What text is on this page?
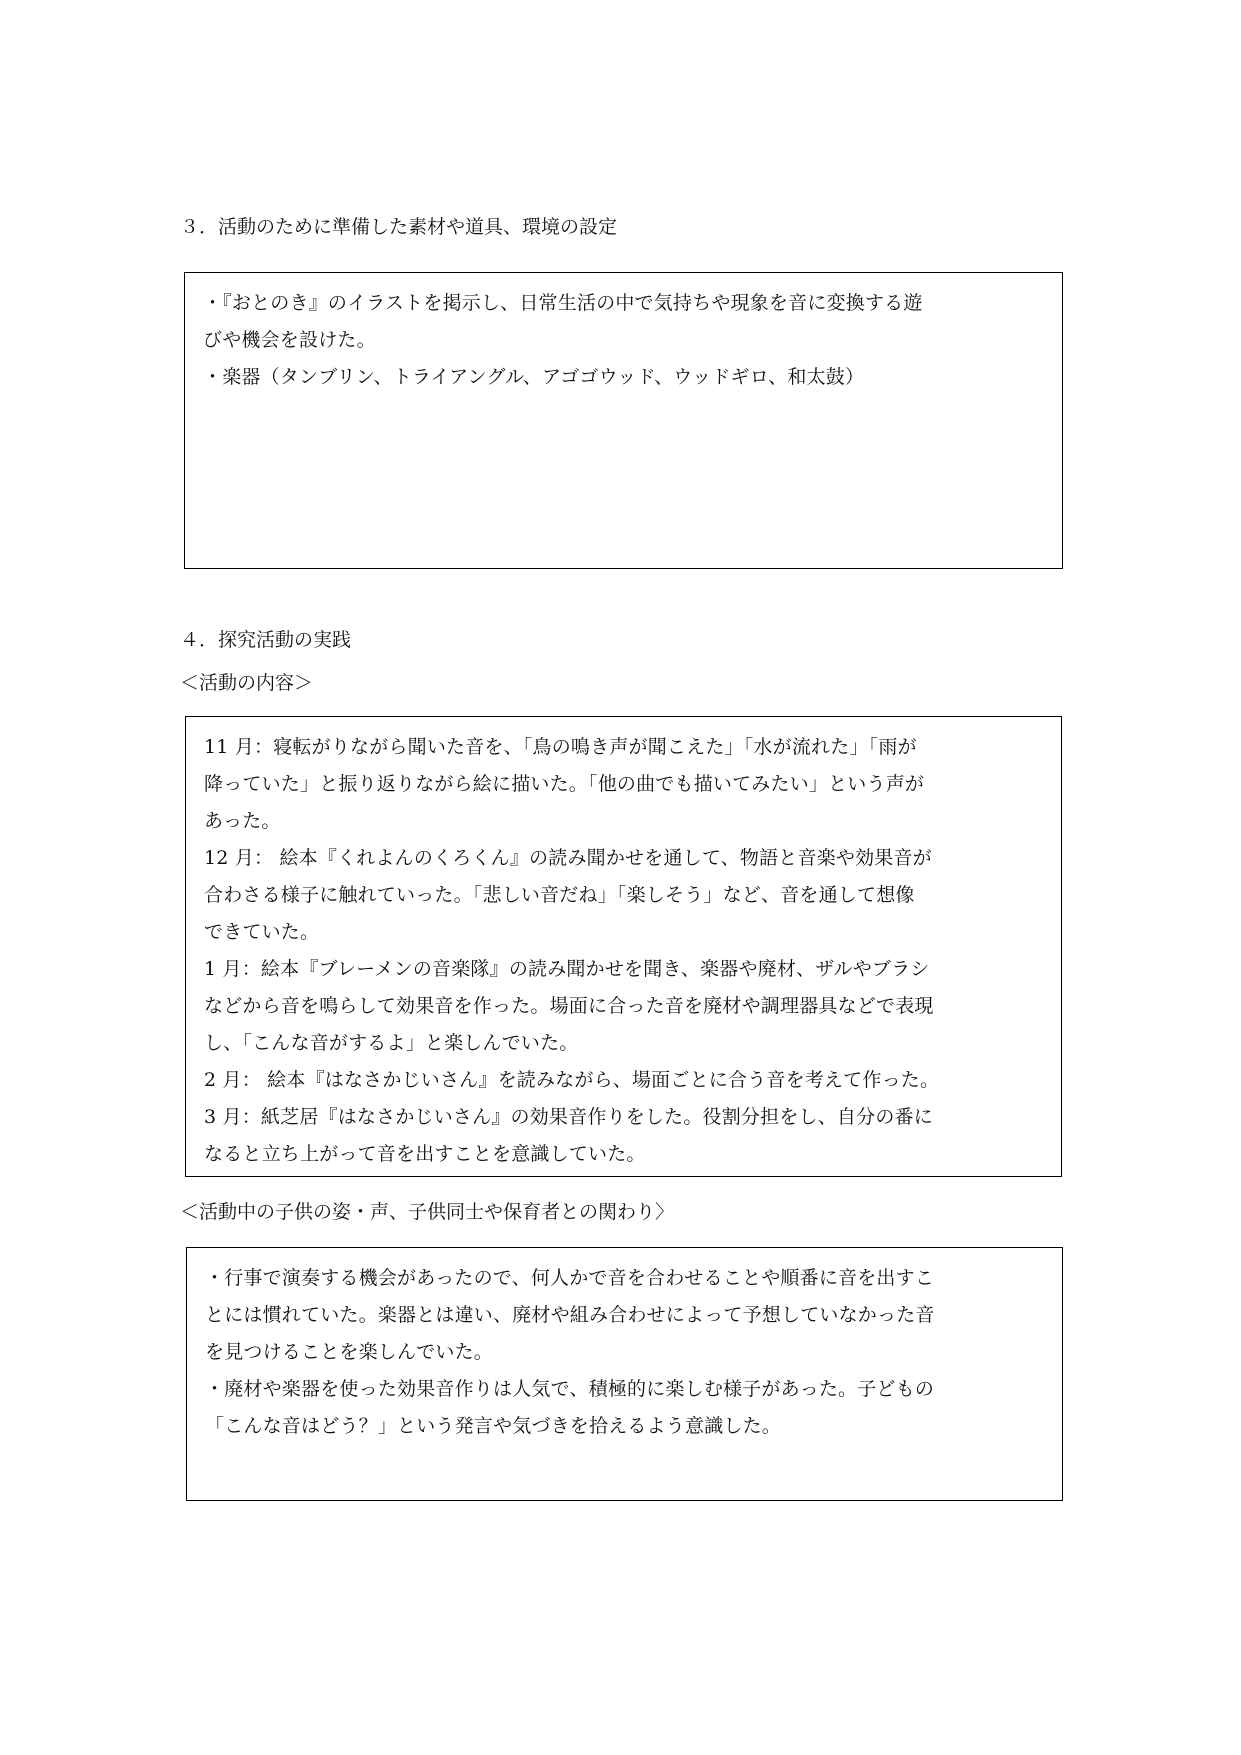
３．活動のために準備した素材や道具、環境の設定
・『おとのき』のイラストを掲示し、日常生活の中で気持ちや現象を音に変換する遊
びや機会を設けた。
・楽器（タンブリン、トライアングル、アゴゴウッド、ウッドギロ、和太鼓）
４．探究活動の実践
＜活動の内容＞
11 月：寝転がりながら聞いた音を、「鳥の鳴き声が聞こえた」「水が流れた」「雨が
降っていた」と振り返りながら絵に描いた。「他の曲でも描いてみたい」という声が
あった。
12 月： 絵本『くれよんのくろくん』の読み聞かせを通して、物語と音楽や効果音が
合わさる様子に触れていった。「悲しい音だね」「楽しそう」など、音を通して想像
できていた。
1 月：絵本『ブレーメンの音楽隊』の読み聞かせを聞き、楽器や廃材、ザルやブラシ
などから音を鳴らして効果音を作った。場面に合った音を廃材や調理器具などで表現
し、「こんな音がするよ」と楽しんでいた。
2 月： 絵本『はなさかじいさん』を読みながら、場面ごとに合う音を考えて作った。
3 月：紙芝居『はなさかじいさん』の効果音作りをした。役割分担をし、自分の番に
なると立ち上がって音を出すことを意識していた。
＜活動中の子供の姿・声、子供同士や保育者との関わり〉
・行事で演奏する機会があったので、何人かで音を合わせることや順番に音を出すこ
とには慣れていた。楽器とは違い、廃材や組み合わせによって予想していなかった音
を見つけることを楽しんでいた。
・廃材や楽器を使った効果音作りは人気で、積極的に楽しむ様子があった。子どもの
「こんな音はどう？」という発言や気づきを拾えるよう意識した。
